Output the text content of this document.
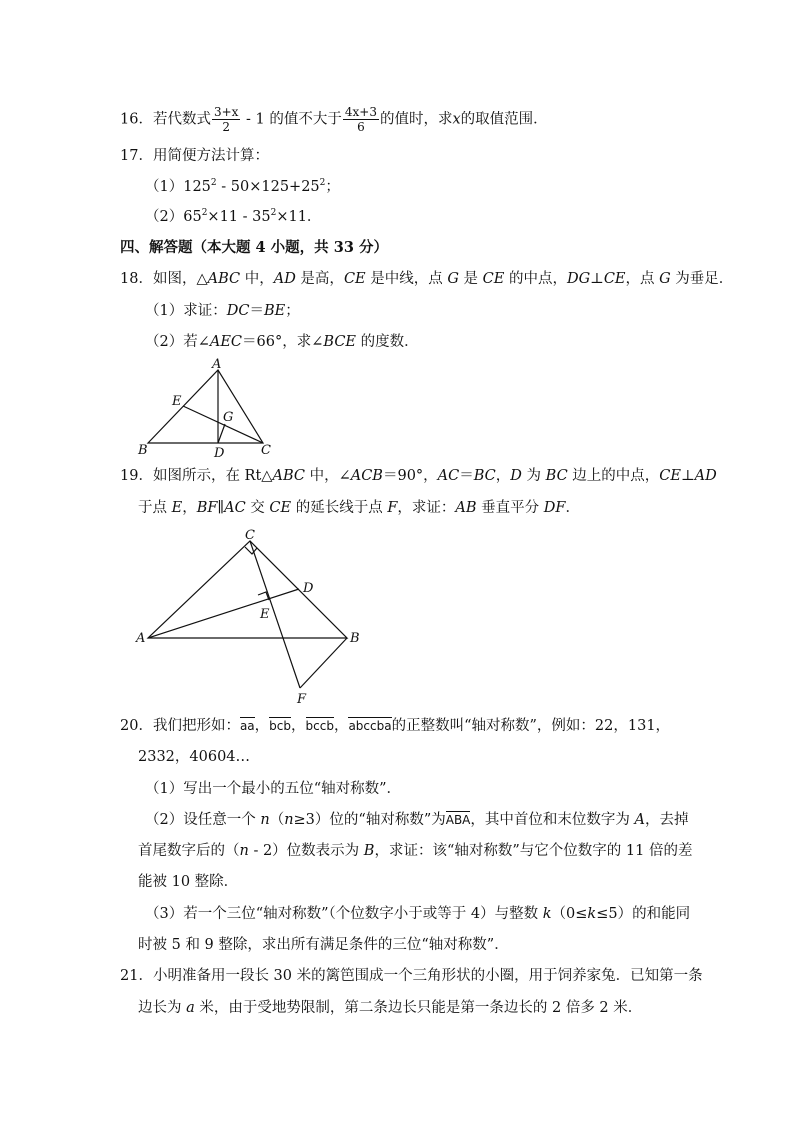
16．若代数式 $\frac{3+x}{2} - 1$ 的值不大于 $\frac{4x+3}{6}$ 的值时，求x的取值范围．
17．用简便方法计算：
$(1)125^2 - 50\times 125+25^2$；
$(2)65^2\times 11 - 35^2\times 11$．
四、解答题（本大题 4 小题，共 33 分）
18．如图，△ABC 中，AD 是高，CE 是中线，点 G 是 CE 的中点，DG⊥CE，点 G 为垂足．
（1）求证：DC＝BE；
（2）若∠AEC＝66°，求∠BCE 的度数．
A
E
G
B	D	C
19．如图所示，在 Rt△ABC 中，∠ACB＝90°，AC＝BC，D 为 BC 边上的中点，CE⊥AD
于点 E，BF∥AC 交 CE 的延长线于点 F，求证：AB 垂直平分 DF．
C
D
E
A	B
F
20．我们把形如：aa，bcb，bccb，abccba的正整数叫“轴对称数”，例如：22，131，
2332，40604…
（1）写出一个最小的五位“轴对称数”．
（2）设任意一个 n（n≥3）位的“轴对称数”为ABA，其中首位和末位数字为 A，去掉
首尾数字后的（n - 2）位数表示为 B，求证：该“轴对称数”与它个位数字的 11 倍的差
能被 10 整除．
（3）若一个三位“轴对称数”（个位数字小于或等于 4）与整数 k（0≤k≤5）的和能同
时被 5 和 9 整除，求出所有满足条件的三位“轴对称数”．
21．小明准备用一段长 30 米的篱笆围成一个三角形状的小圈，用于饲养家兔．已知第一条
边长为 a 米，由于受地势限制，第二条边长只能是第一条边长的 2 倍多 2 米．
